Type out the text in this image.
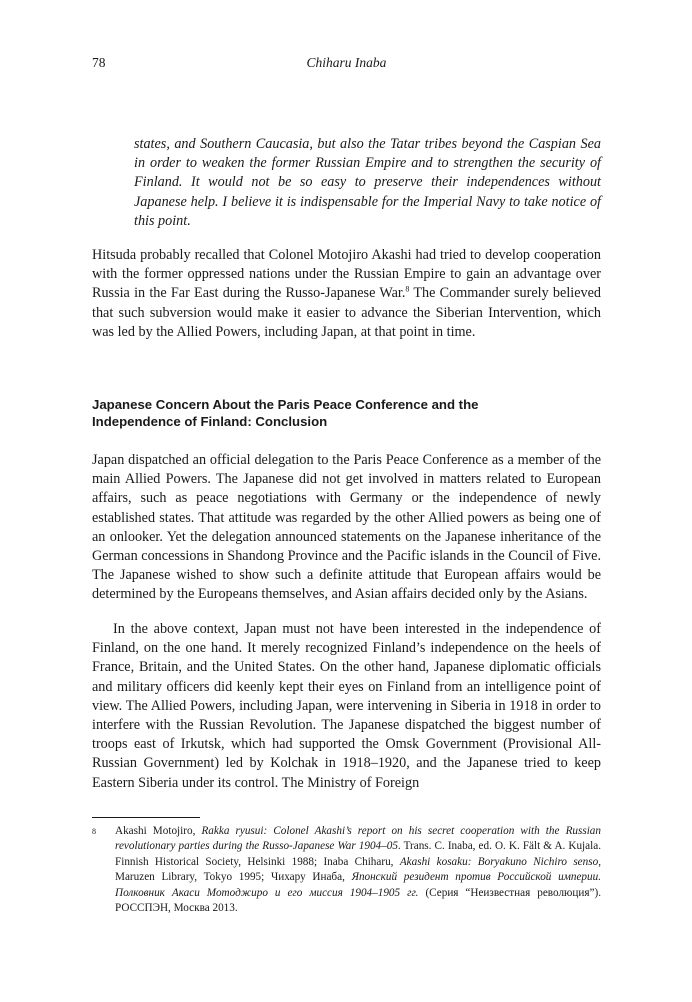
78	Chiharu Inaba

states, and Southern Caucasia, but also the Tatar tribes beyond the Caspian Sea in order to weaken the former Russian Empire and to strengthen the security of Finland. It would not be so easy to preserve their independences without Japanese help. I believe it is indispensable for the Imperial Navy to take notice of this point.

Hitsuda probably recalled that Colonel Motojiro Akashi had tried to develop cooperation with the former oppressed nations under the Russian Empire to gain an advantage over Russia in the Far East during the Russo-Japanese War.$^8$ The Commander surely believed that such subversion would make it easier to advance the Siberian Intervention, which was led by the Allied Powers, including Japan, at that point in time.

Japanese Concern About the Paris Peace Conference and the
Independence of Finland: Conclusion

Japan dispatched an official delegation to the Paris Peace Conference as a member of the main Allied Powers. The Japanese did not get involved in matters related to European affairs, such as peace negotiations with Germany or the independence of newly established states. That attitude was regarded by the other Allied powers as being one of an onlooker. Yet the delegation announced statements on the Japanese inheritance of the German concessions in Shandong Province and the Pacific islands in the Council of Five. The Japanese wished to show such a definite attitude that European affairs would be determined by the Europeans themselves, and Asian affairs decided only by the Asians.

In the above context, Japan must not have been interested in the independence of Finland, on the one hand. It merely recognized Finland’s independence on the heels of France, Britain, and the United States. On the other hand, Japanese diplomatic officials and military officers did keenly kept their eyes on Finland from an intelligence point of view. The Allied Powers, including Japan, were intervening in Siberia in 1918 in order to interfere with the Russian Revolution. The Japanese dispatched the biggest number of troops east of Irkutsk, which had supported the Omsk Government (Provisional All-Russian Government) led by Kolchak in 1918–1920, and the Japanese tried to keep Eastern Siberia under its control. The Ministry of Foreign

8 Akashi Motojiro, Rakka ryusui: Colonel Akashi’s report on his secret cooperation with the Russian revolutionary parties during the Russo-Japanese War 1904–05. Trans. C. Inaba, ed. O. K. Fält & A. Kujala. Finnish Historical Society, Helsinki 1988; Inaba Chiharu, Akashi kosaku: Boryakuno Nichiro senso, Maruzen Library, Tokyo 1995; Чихару Инаба, Японский резидент против Российской империи. Полковник Акаси Мотоджиро и его миссия 1904–1905 гг. (Серия “Неизвестная революция”). РОССПЭН, Москва 2013.
